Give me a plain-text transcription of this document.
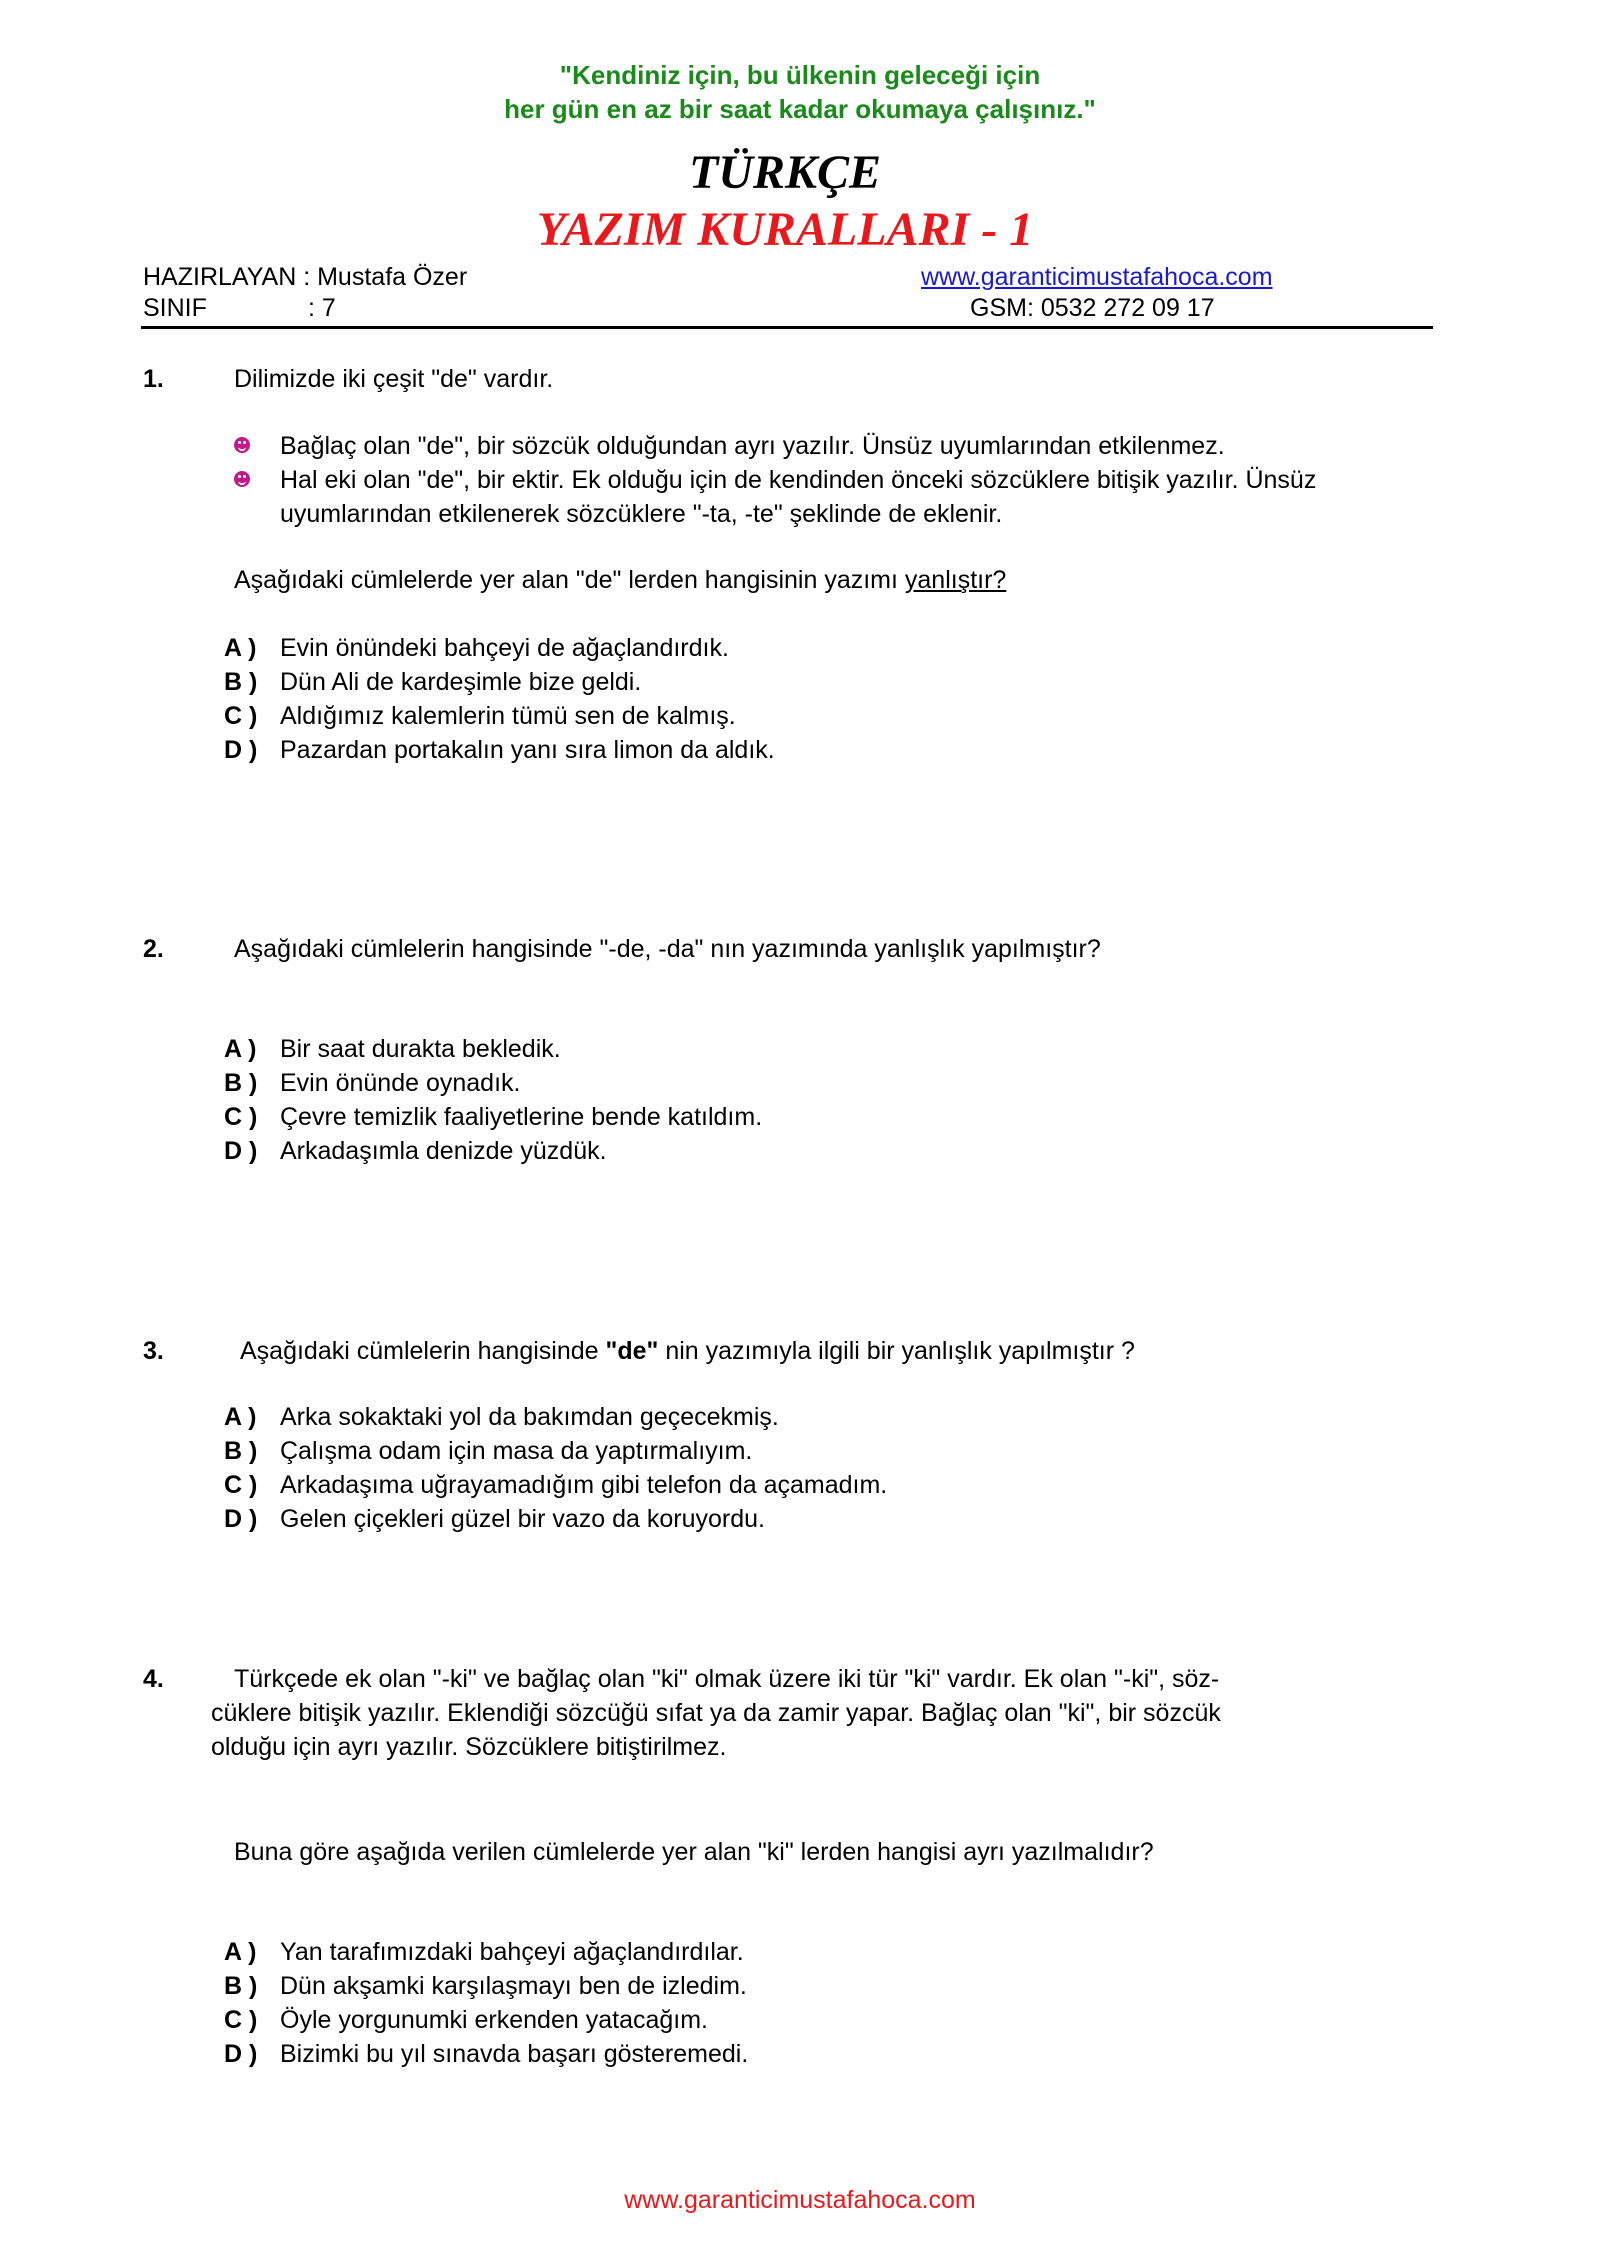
"Kendiniz için, bu ülkenin geleceği için
her gün en az bir saat kadar okumaya çalışınız."
TÜRKÇE
YAZIM KURALLARI - 1
HAZIRLAYAN : Mustafa Özer	www.garanticimustafahoca.com
SINIF	: 7	GSM: 0532 272 09 17
1.	Dilimizde iki çeşit "de" vardır.
Bağlaç olan "de", bir sözcük olduğundan ayrı yazılır. Ünsüz uyumlarından etkilenmez.
Hal eki olan "de", bir ektir. Ek olduğu için de kendinden önceki sözcüklere bitişik yazılır. Ünsüz
uyumlarından etkilenerek sözcüklere "-ta, -te" şeklinde de eklenir.
Aşağıdaki cümlelerde yer alan "de" lerden hangisinin yazımı yanlıştır?
A ) Evin önündeki bahçeyi de ağaçlandırdık.
B ) Dün Ali de kardeşimle bize geldi.
C ) Aldığımız kalemlerin tümü sen de kalmış.
D ) Pazardan portakalın yanı sıra limon da aldık.
2.	Aşağıdaki cümlelerin hangisinde "-de, -da" nın yazımında yanlışlık yapılmıştır?
A ) Bir saat durakta bekledik.
B ) Evin önünde oynadık.
C ) Çevre temizlik faaliyetlerine bende katıldım.
D ) Arkadaşımla denizde yüzdük.
3.	Aşağıdaki cümlelerin hangisinde "de" nin yazımıyla ilgili bir yanlışlık yapılmıştır ?
A ) Arka sokaktaki yol da bakımdan geçecekmiş.
B ) Çalışma odam için masa da yaptırmalıyım.
C ) Arkadaşıma uğrayamadığım gibi telefon da açamadım.
D ) Gelen çiçekleri güzel bir vazo da koruyordu.
4.	Türkçede ek olan "-ki" ve bağlaç olan "ki" olmak üzere iki tür "ki" vardır. Ek olan "-ki", söz-
cüklere bitişik yazılır. Eklendiği sözcüğü sıfat ya da zamir yapar. Bağlaç olan "ki", bir sözcük
olduğu için ayrı yazılır. Sözcüklere bitiştirilmez.
Buna göre aşağıda verilen cümlelerde yer alan "ki" lerden hangisi ayrı yazılmalıdır?
A ) Yan tarafımızdaki bahçeyi ağaçlandırdılar.
B ) Dün akşamki karşılaşmayı ben de izledim.
C ) Öyle yorgunumki erkenden yatacağım.
D ) Bizimki bu yıl sınavda başarı gösteremedi.
www.garanticimustafahoca.com
